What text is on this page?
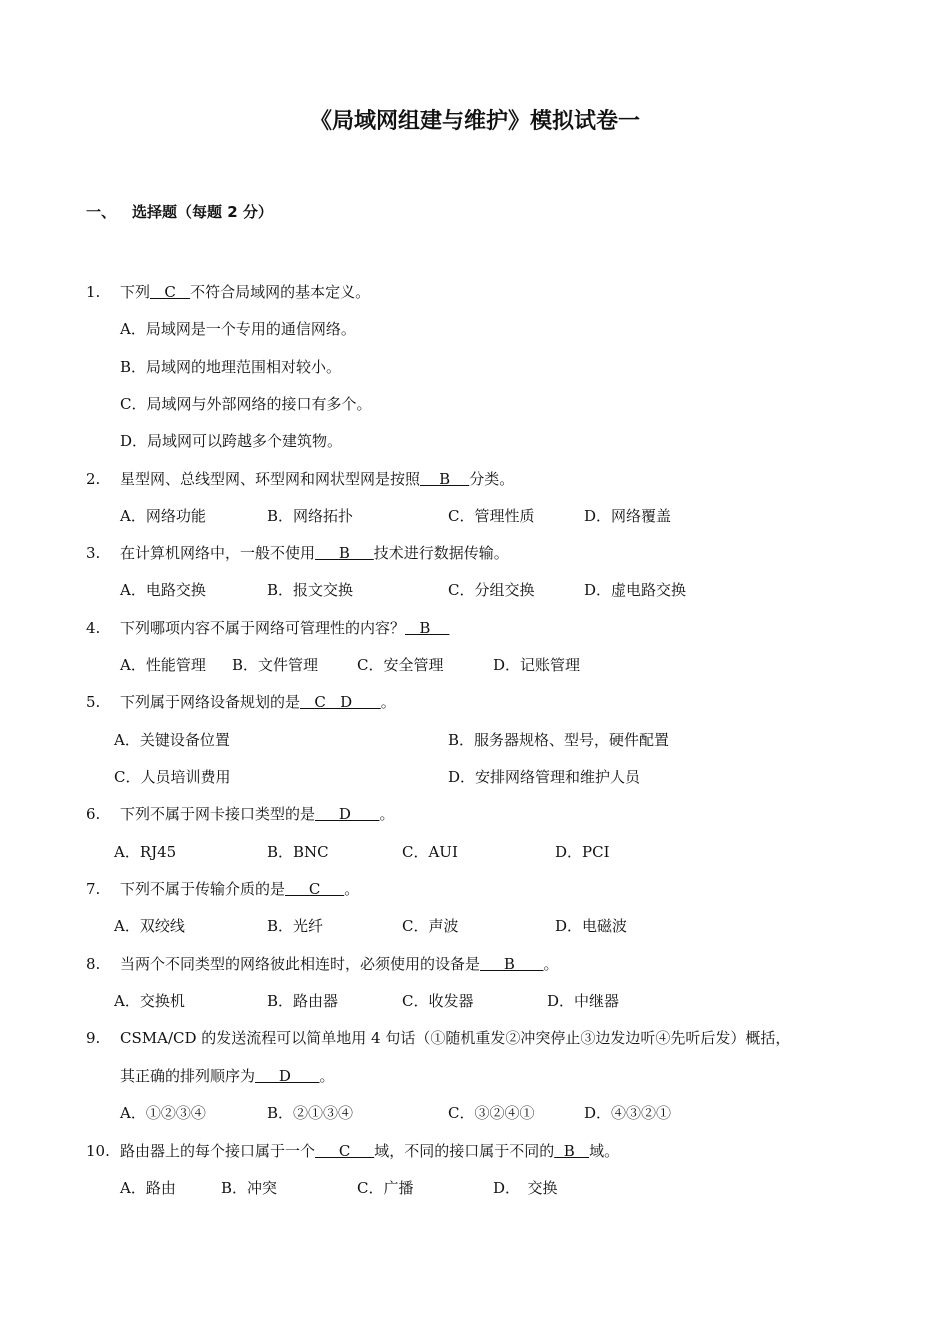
《局域网组建与维护》模拟试卷一
一、 选择题（每题 2 分）
1. 下列   C   不符合局域网的基本定义。
A．局域网是一个专用的通信网络。
B．局域网的地理范围相对较小。
C．局域网与外部网络的接口有多个。
D．局域网可以跨越多个建筑物。
2. 星型网、总线型网、环型网和网状型网是按照    B    分类。
A．网络功能	B．网络拓扑	C．管理性质	D．网络覆盖
3. 在计算机网络中，一般不使用     B     技术进行数据传输。
A．电路交换	B．报文交换	C．分组交换	D．虚电路交换
4. 下列哪项内容不属于网络可管理性的内容？   B
A．性能管理 B．文件管理	C．安全管理	D．记账管理
5. 下列属于网络设备规划的是   C   D      。
A．关键设备位置	B．服务器规格、型号，硬件配置
C．人员培训费用	D．安排网络管理和维护人员
6. 下列不属于网卡接口类型的是     D      。
A．RJ45	B．BNC	C．AUI	D．PCI
7. 下列不属于传输介质的是     C     。
A．双绞线	B．光纤	C．声波	D．电磁波
8. 当两个不同类型的网络彼此相连时，必须使用的设备是     B      。
A．交换机	B．路由器	C．收发器	D．中继器
9. CSMA/CD 的发送流程可以简单地用 4 句话（①随机重发②冲突停止③边发边听④先听后发）概括，
其正确的排列顺序为     D      。
A．①②③④	B．②①③④	C．③②④①	D．④③②①
10. 路由器上的每个接口属于一个     C     域，不同的接口属于不同的  B   域。
A．路由	B．冲突	C．广播	D．　交换
